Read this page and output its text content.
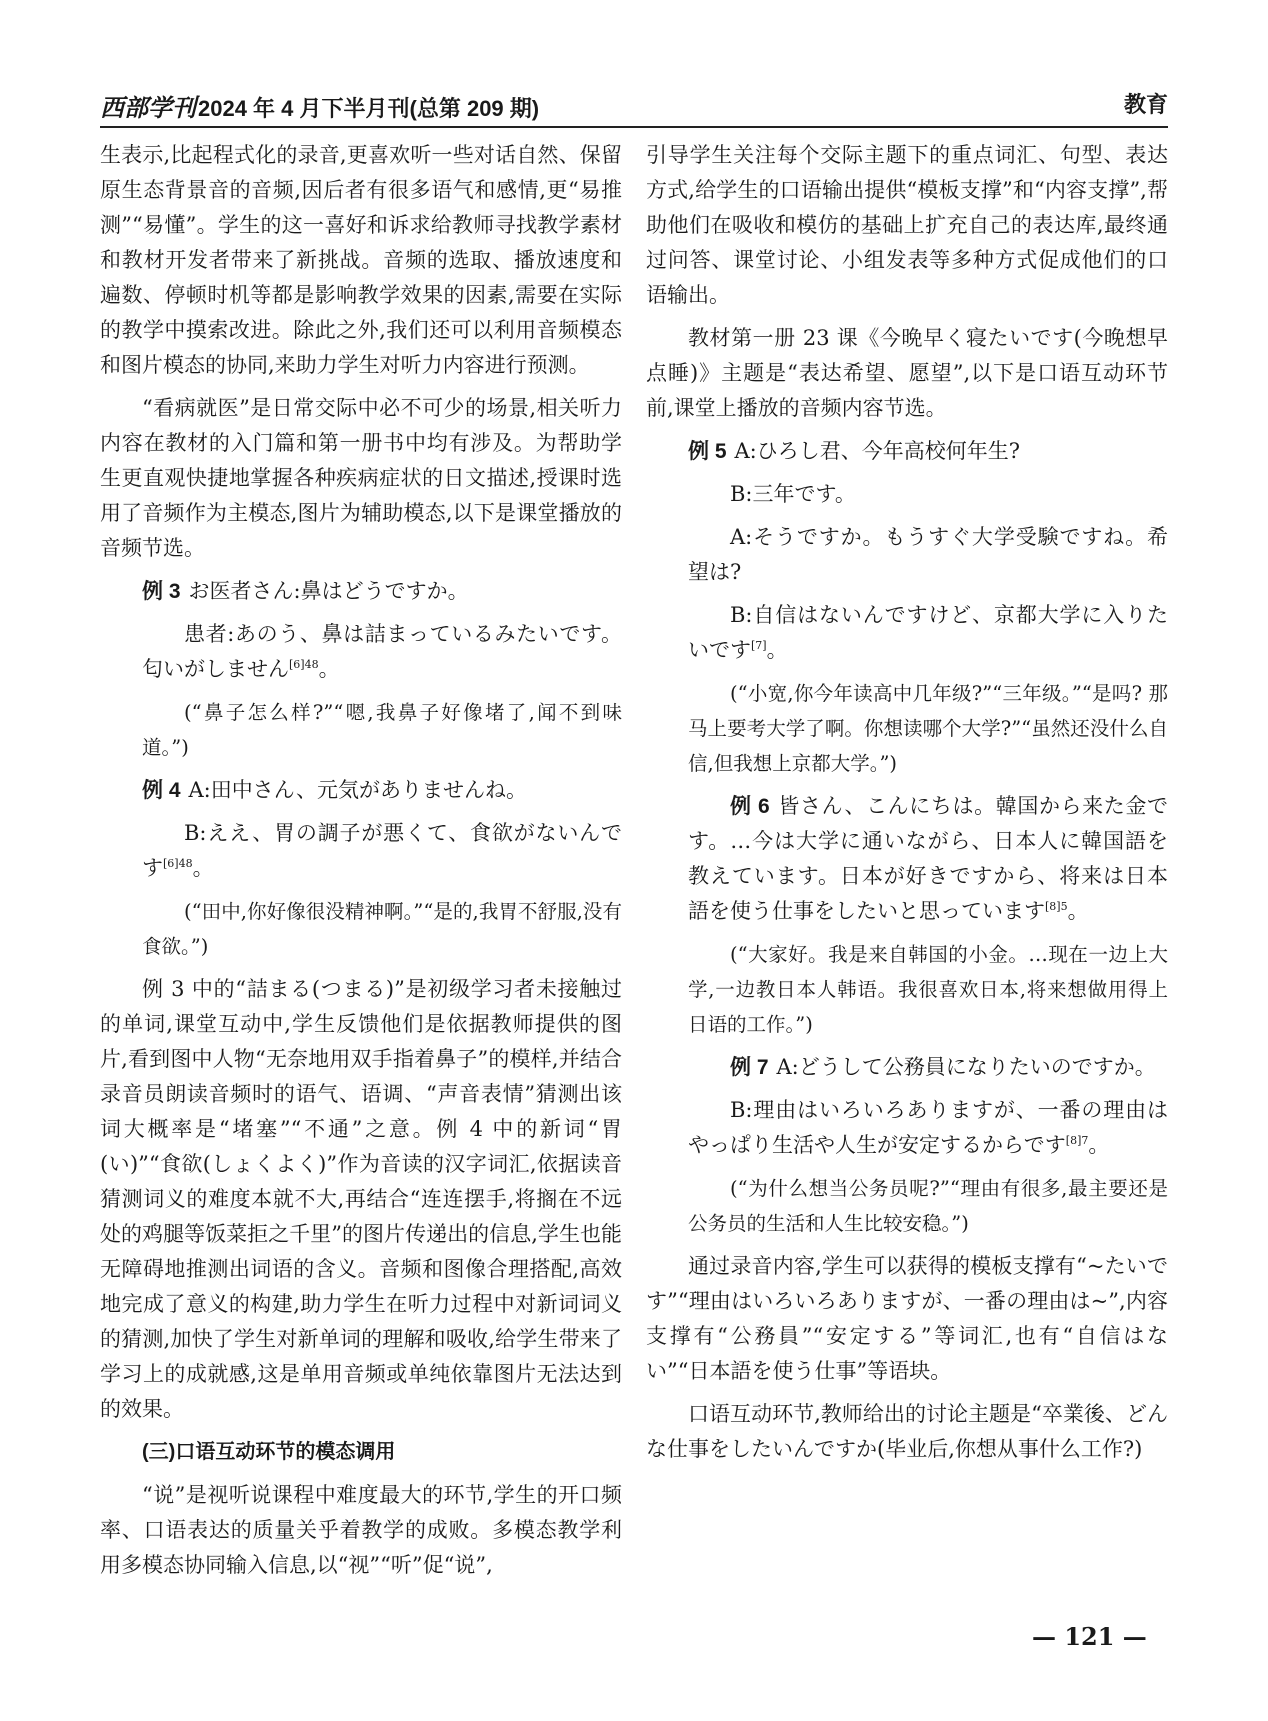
西部学刊2024 年 4 月下半月刊(总第 209 期)	教育

生表示,比起程式化的录音,更喜欢听一些对话自然、保留原生态背景音的音频,因后者有很多语气和感情,更“易推测”“易懂”。学生的这一喜好和诉求给教师寻找教学素材和教材开发者带来了新挑战。音频的选取、播放速度和遍数、停顿时机等都是影响教学效果的因素,需要在实际的教学中摸索改进。除此之外,我们还可以利用音频模态和图片模态的协同,来助力学生对听力内容进行预测。

“看病就医”是日常交际中必不可少的场景,相关听力内容在教材的入门篇和第一册书中均有涉及。为帮助学生更直观快捷地掌握各种疾病症状的日文描述,授课时选用了音频作为主模态,图片为辅助模态,以下是课堂播放的音频节选。

例 3 お医者さん:鼻はどうですか。
患者:あのう、鼻は詰まっているみたいです。匂いがしません$^{[6]48}$。
(“鼻子怎么样?”“嗯,我鼻子好像堵了,闻不到味道。”)
例 4 A:田中さん、元気がありませんね。
B:ええ、胃の調子が悪くて、食欲がないんです$^{[6]48}$。
(“田中,你好像很没精神啊。”“是的,我胃不舒服,没有食欲。”)

例 3 中的“詰まる(つまる)”是初级学习者未接触过的单词,课堂互动中,学生反馈他们是依据教师提供的图片,看到图中人物“无奈地用双手指着鼻子”的模样,并结合录音员朗读音频时的语气、语调、“声音表情”猜测出该词大概率是“堵塞”“不通”之意。例 4 中的新词“胃(い)”“食欲(しょくよく)”作为音读的汉字词汇,依据读音猜测词义的难度本就不大,再结合“连连摆手,将搁在不远处的鸡腿等饭菜拒之千里”的图片传递出的信息,学生也能无障碍地推测出词语的含义。音频和图像合理搭配,高效地完成了意义的构建,助力学生在听力过程中对新词词义的猜测,加快了学生对新单词的理解和吸收,给学生带来了学习上的成就感,这是单用音频或单纯依靠图片无法达到的效果。

(三)口语互动环节的模态调用

“说”是视听说课程中难度最大的环节,学生的开口频率、口语表达的质量关乎着教学的成败。多模态教学利用多模态协同输入信息,以“视”“听”促“说”,

引导学生关注每个交际主题下的重点词汇、句型、表达方式,给学生的口语输出提供“模板支撑”和“内容支撑”,帮助他们在吸收和模仿的基础上扩充自己的表达库,最终通过问答、课堂讨论、小组发表等多种方式促成他们的口语输出。

教材第一册 23 课《今晩早く寝たいです(今晚想早点睡)》主题是“表达希望、愿望”,以下是口语互动环节前,课堂上播放的音频内容节选。

例 5 A:ひろし君、今年高校何年生?
B:三年です。
A:そうですか。もうすぐ大学受験ですね。希望は?
B:自信はないんですけど、京都大学に入りたいです[7]。
(“小宽,你今年读高中几年级?”“三年级。”“是吗? 那马上要考大学了啊。你想读哪个大学?”“虽然还没什么自信,但我想上京都大学。”)
例 6 皆さん、こんにちは。韓国から来た金です。…今は大学に通いながら、日本人に韓国語を教えています。日本が好きですから、将来は日本語を使う仕事をしたいと思っています$^{[8]5}$。
(“大家好。我是来自韩国的小金。…现在一边上大学,一边教日本人韩语。我很喜欢日本,将来想做用得上日语的工作。”)
例 7 A:どうして公務員になりたいのですか。
B:理由はいろいろありますが、一番の理由はやっぱり生活や人生が安定するからです$^{[8]7}$。
(“为什么想当公务员呢?”“理由有很多,最主要还是公务员的生活和人生比较安稳。”)

通过录音内容,学生可以获得的模板支撑有“~たいです”“理由はいろいろありますが、一番の理由は~”,内容支撑有“公務員”“安定する”等词汇,也有“自信はない”“日本語を使う仕事”等语块。

口语互动环节,教师给出的讨论主题是“卒業後、どんな仕事をしたいんですか(毕业后,你想从事什么工作?)

— 121 —
